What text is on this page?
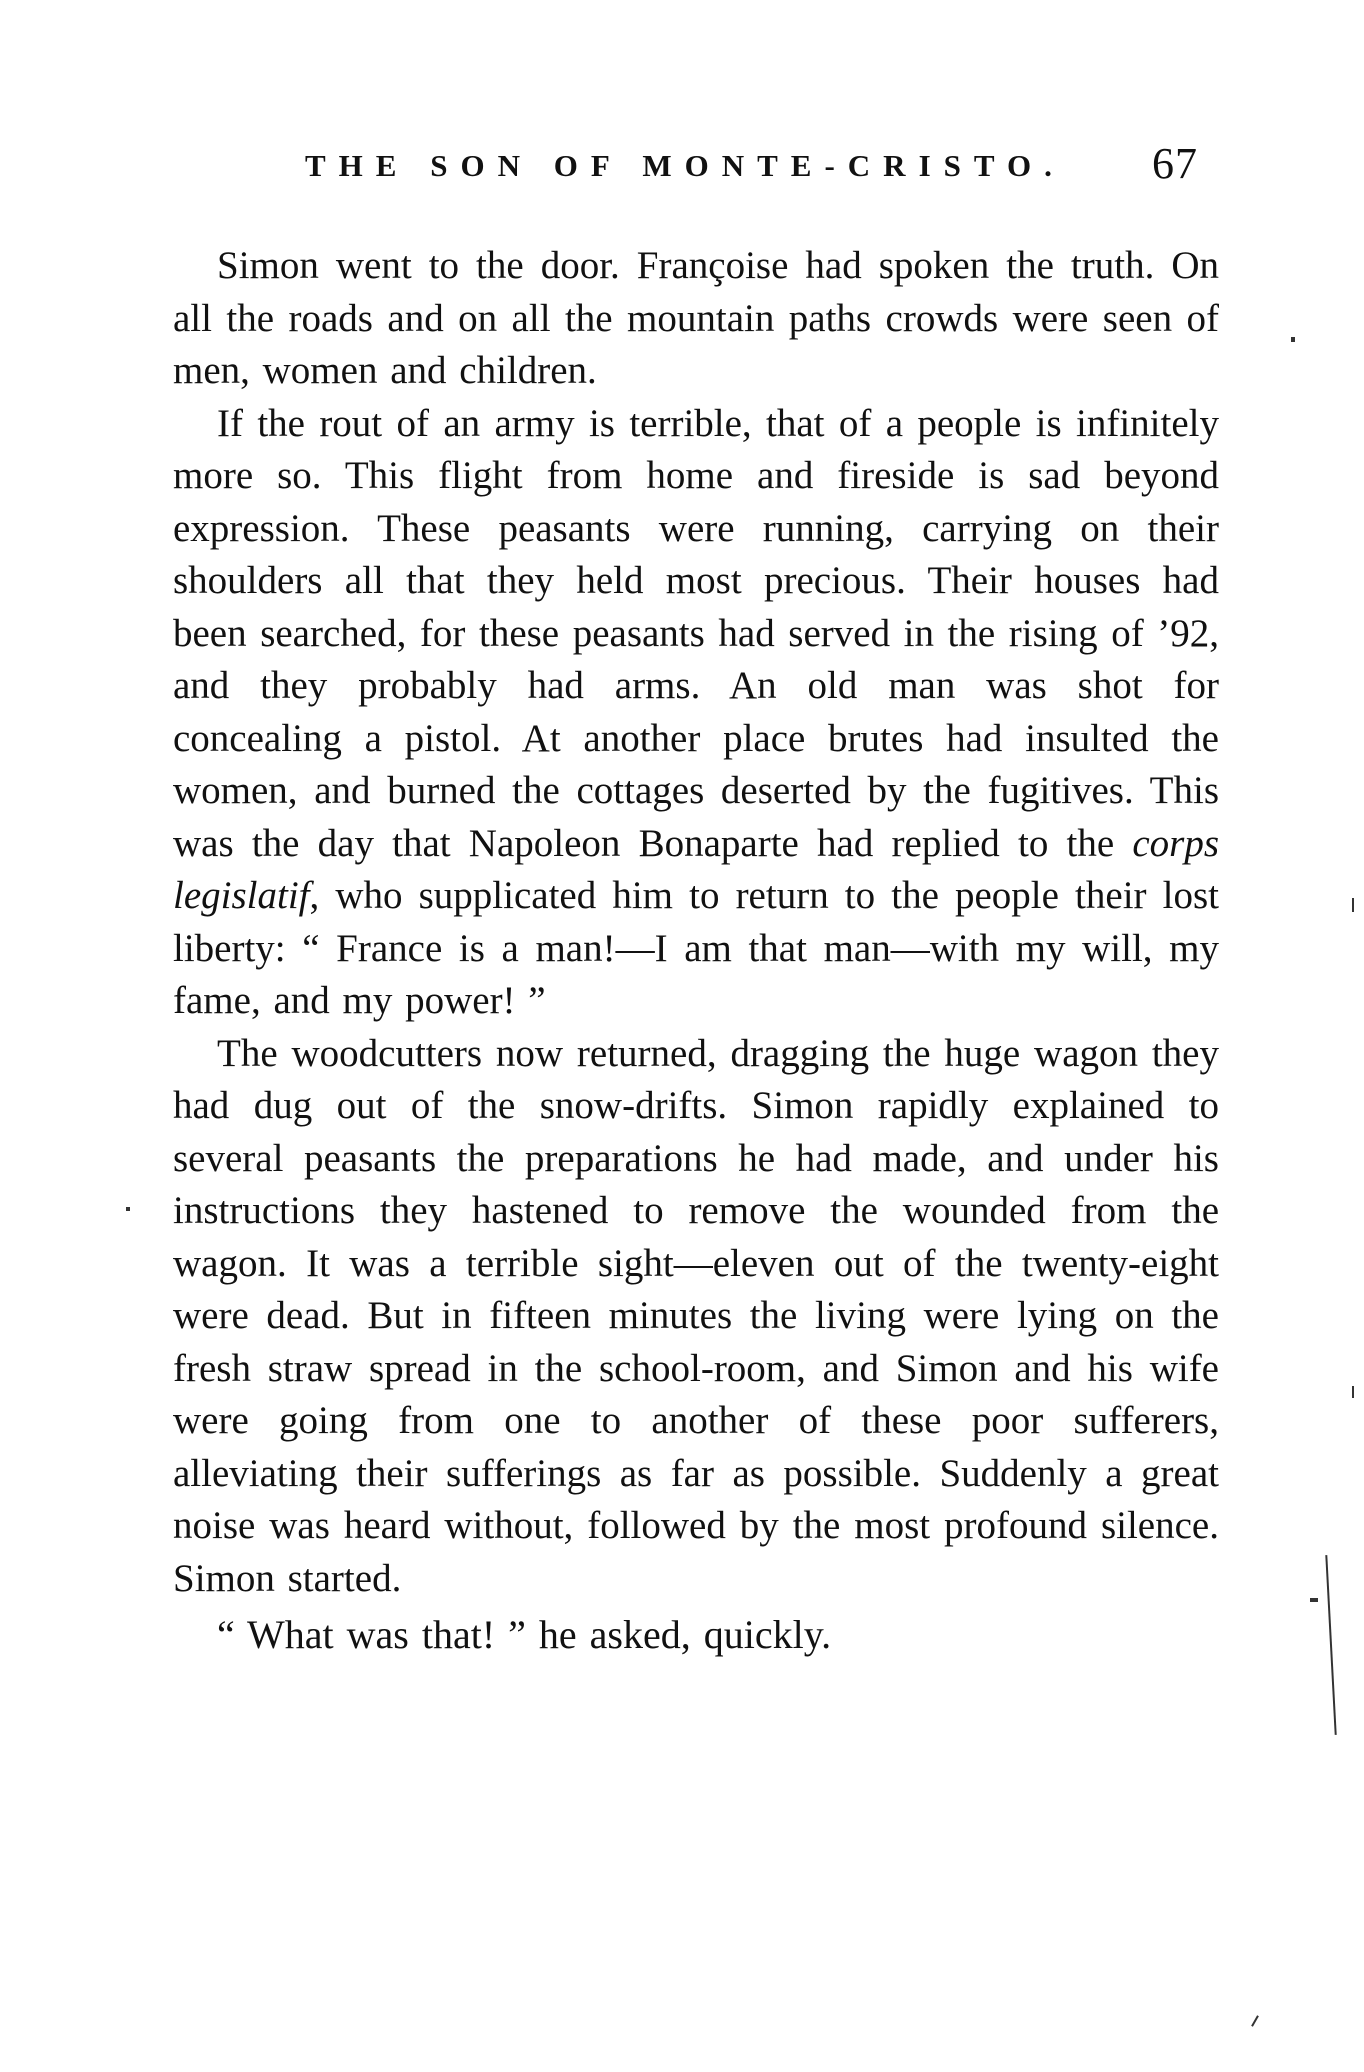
THE SON OF MONTE-CRISTO.	67

Simon went to the door. Françoise had spoken the truth. On all the roads and on all the mountain paths crowds were seen of men, women and children.

If the rout of an army is terrible, that of a people is infinitely more so. This flight from home and fireside is sad beyond expression. These peasants were running, carrying on their shoulders all that they held most precious. Their houses had been searched, for these peasants had served in the rising of ’92, and they probably had arms. An old man was shot for concealing a pistol. At another place brutes had insulted the women, and burned the cottages deserted by the fugitives. This was the day that Napoleon Bonaparte had replied to the corps legislatif, who supplicated him to return to the people their lost liberty: “ France is a man!—I am that man—with my will, my fame, and my power! ”

The woodcutters now returned, dragging the huge wagon they had dug out of the snow-drifts. Simon rapidly explained to several peasants the preparations he had made, and under his instructions they hastened to remove the wounded from the wagon. It was a terrible sight—eleven out of the twenty-eight were dead. But in fifteen minutes the living were lying on the fresh straw spread in the school-room, and Simon and his wife were going from one to another of these poor sufferers, alleviating their sufferings as far as possible. Suddenly a great noise was heard without, followed by the most profound silence. Simon started.

“ What was that! ” he asked, quickly.
